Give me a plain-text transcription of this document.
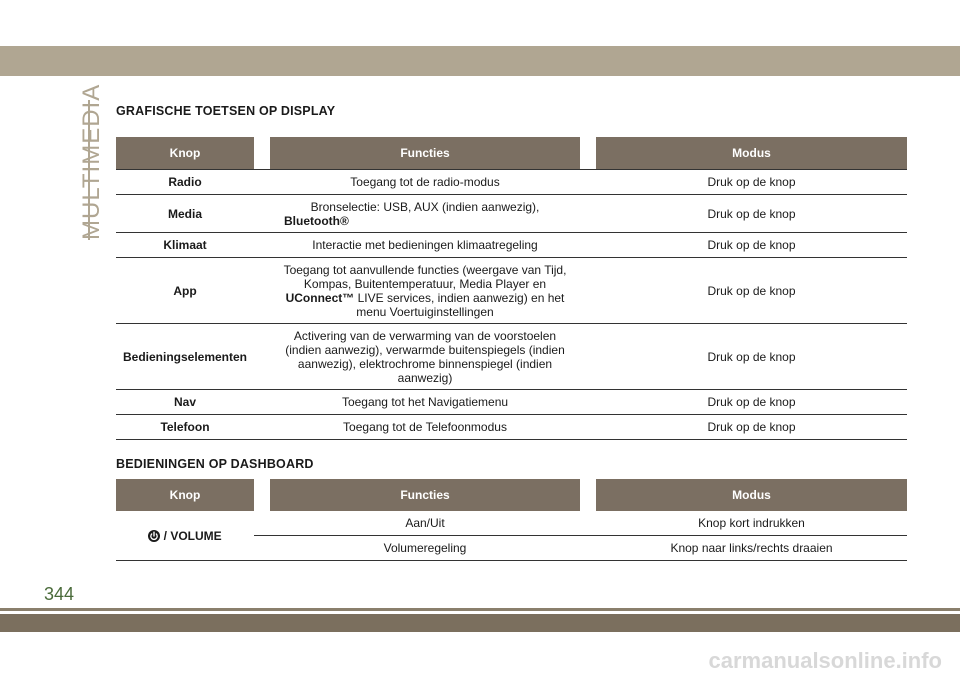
MULTIMEDIA GRAFISCHE TOETSEN OP DISPLAY
Knop		Functies		Modus
Radio	Toegang tot de radio-modus			Druk op de knop
Media	Bronselectie: USB, AUX (indien aanwezig),
Bluetooth®			Druk op de knop
Klimaat	Interactie met bedieningen klimaatregeling			Druk op de knop
App	Toegang tot aanvullende functies (weergave van Tijd,
Kompas, Buitentemperatuur, Media Player en
UConnect™ LIVE services, indien aanwezig) en het
menu Voertuiginstellingen			Druk op de knop
Bedieningselementen	Activering van de verwarming van de voorstoelen
(indien aanwezig), verwarmde buitenspiegels (indien
aanwezig), elektrochrome binnenspiegel (indien
aanwezig)			Druk op de knop
Nav	Toegang tot het Navigatiemenu			Druk op de knop
Telefoon	Toegang tot de Telefoonmodus			Druk op de knop
BEDIENINGEN OP DASHBOARD
Knop		Functies		Modus
/ VOLUME	Aan/Uit			Knop kort indrukken
	Volumeregeling			Knop naar links/rechts draaien
344
carmanualsonline.info
